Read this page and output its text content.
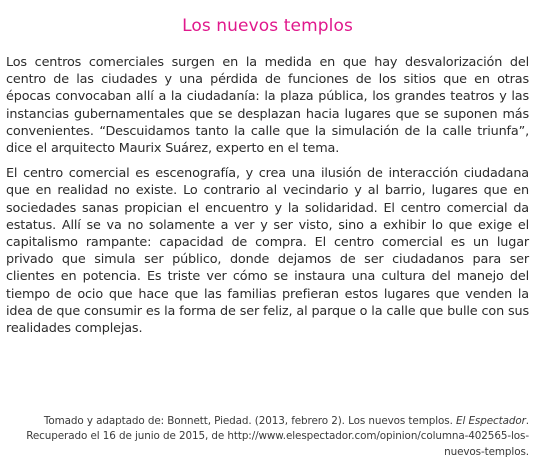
Los nuevos templos

Los centros comerciales surgen en la medida en que hay desvalorización del centro de las ciudades y una pérdida de funciones de los sitios que en otras épocas convocaban allí a la ciudadanía: la plaza pública, los grandes teatros y las instancias gubernamentales que se desplazan hacia lugares que se suponen más convenientes. “Descuidamos tanto la calle que la simulación de la calle triunfa”, dice el arquitecto Maurix Suárez, experto en el tema.

El centro comercial es escenografía, y crea una ilusión de interacción ciudadana que en realidad no existe. Lo contrario al vecindario y al barrio, lugares que en sociedades sanas propician el encuentro y la solidaridad. El centro comercial da estatus. Allí se va no solamente a ver y ser visto, sino a exhibir lo que exige el capitalismo rampante: capacidad de compra. El centro comercial es un lugar privado que simula ser público, donde dejamos de ser ciudadanos para ser clientes en potencia. Es triste ver cómo se instaura una cultura del manejo del tiempo de ocio que hace que las familias prefieran estos lugares que venden la idea de que consumir es la forma de ser feliz, al parque o la calle que bulle con sus realidades complejas.

Tomado y adaptado de: Bonnett, Piedad. (2013, febrero 2). Los nuevos templos. El Espectador. Recuperado el 16 de junio de 2015, de http://www.elespectador.com/opinion/columna-402565-los-nuevos-templos.
